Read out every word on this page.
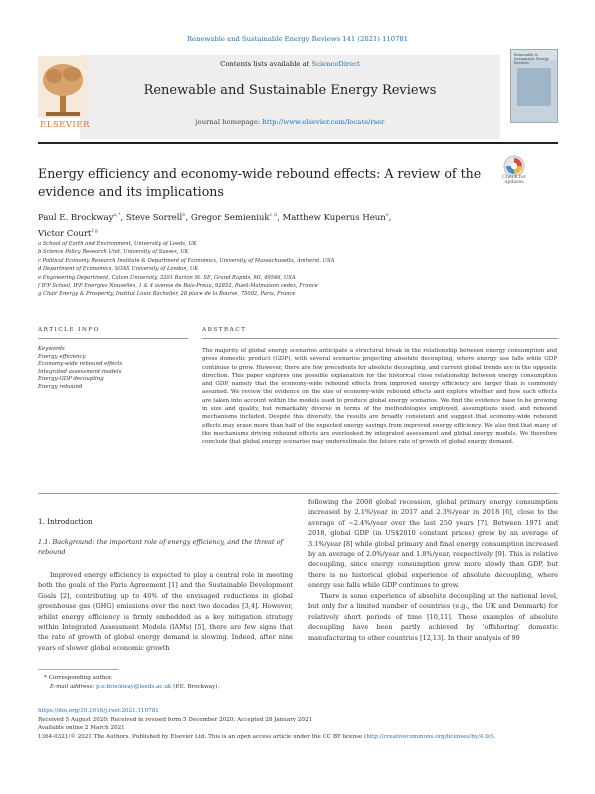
Renewable and Sustainable Energy Reviews 141 (2021) 110781
ELSEVIER
Contents lists available at ScienceDirect
Renewable and Sustainable Energy Reviews
journal homepage: http://www.elsevier.com/locate/rser
Renewable & Sustainable Energy Reviews
Energy efficiency and economy-wide rebound effects: A review of the evidence and its implications
Check for updates
Paul E. Brockway$^{a,*}$, Steve Sorrell$^b$, Gregor Semieniuk$^{c,d}$, Matthew Kuperus Heun$^e$,
Victor Court$^{f,g}$
a School of Earth and Environment, University of Leeds, UK
b Science Policy Research Unit, University of Sussex, UK
c Political Economy Research Institute & Department of Economics, University of Massachusetts, Amherst, USA
d Department of Economics, SOAS University of London, UK
e Engineering Department, Calvin University, 3201 Burton St. SE, Grand Rapids, MI, 49546, USA
f IFP School, IFP Energies Nouvelles, 1 & 4 avenue de Bois-Préau, 92852, Rueil-Malmaison cedex, France
g Chair Energy & Prosperity, Institut Louis Bachelier, 28 place de la Bourse, 75002, Paris, France
ARTICLE INFO	ABSTRACT
Keywords
Energy efficiency
Economy-wide rebound effects
Integrated assessment models
Energy-GDP decoupling
Energy rebound
The majority of global energy scenarios anticipate a structural break in the relationship between energy consumption and gross domestic product (GDP), with several scenarios projecting absolute decoupling, where energy use falls while GDP continues to grow. However, there are few precedents for absolute decoupling, and current global trends are in the opposite direction. This paper explores one possible explanation for the historical close relationship between energy consumption and GDP, namely that the economy-wide rebound effects from improved energy efficiency are larger than is commonly assumed. We review the evidence on the size of economy-wide rebound effects and explore whether and how such effects are taken into account within the models used to produce global energy scenarios. We find the evidence base to be growing in size and quality, but remarkably diverse in terms of the methodologies employed, assumptions used, and rebound mechanisms included. Despite this diversity, the results are broadly consistent and suggest that economy-wide rebound effects may erase more than half of the expected energy savings from improved energy efficiency. We also find that many of the mechanisms driving rebound effects are overlooked by integrated assessment and global energy models. We therefore conclude that global energy scenarios may underestimate the future rate of growth of global energy demand.
1. Introduction
1.1. Background: the important role of energy efficiency, and the threat of rebound
Improved energy efficiency is expected to play a central role in meeting both the goals of the Paris Agreement [1] and the Sustainable Development Goals [2], contributing up to 40% of the envisaged reductions in global greenhouse gas (GHG) emissions over the next two decades [3,4]. However, whilst energy efficiency is firmly embedded as a key mitigation strategy within Integrated Assessment Models (IAMs) [5], there are few signs that the rate of growth of global energy demand is slowing. Indeed, after nine years of slower global economic growth
following the 2008 global recession, global primary energy consumption increased by 2.1%/year in 2017 and 2.3%/year in 2018 [6], close to the average of ~2.4%/year over the last 250 years [7]. Between 1971 and 2018, global GDP (in US$2010 constant prices) grew by an average of 3.1%/year [8] while global primary and final energy consumption increased by an average of 2.0%/year and 1.8%/year, respectively [9]. This is relative decoupling, since energy consumption grew more slowly than GDP, but there is no historical global experience of absolute decoupling, where energy use falls while GDP continues to grow.
There is some experience of absolute decoupling at the national level, but only for a limited number of countries (e.g., the UK and Denmark) for relatively short periods of time [10,11]. These examples of absolute decoupling have been partly achieved by ‘offshoring’ domestic manufacturing to other countries [12,13]. In their analysis of 99
* Corresponding author.
E-mail address: p.e.brockway@leeds.ac.uk (P.E. Brockway).
https://doi.org/10.1016/j.rser.2021.110781
Received 5 August 2020; Received in revised form 5 December 2020; Accepted 28 January 2021
Available online 2 March 2021
1364-0321/© 2021 The Authors. Published by Elsevier Ltd. This is an open access article under the CC BY license (http://creativecommons.org/licenses/by/4.0/).
